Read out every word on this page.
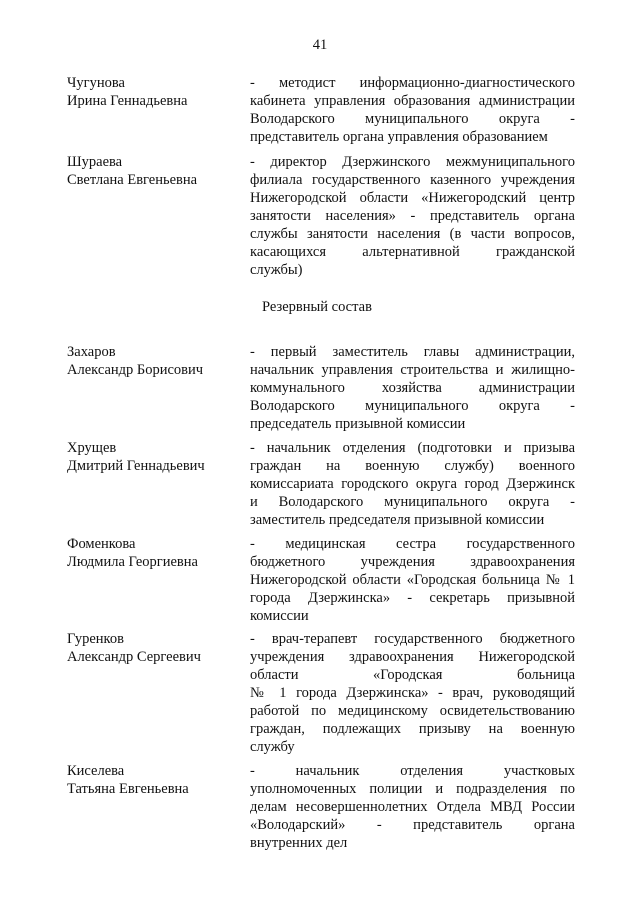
41
Чугунова
Ирина Геннадьевна
- методист информационно-диагностического
кабинета управления образования администрации
Володарского муниципального округа -
представитель органа управления образованием
Шураева
Светлана Евгеньевна
- директор Дзержинского межмуниципального
филиала государственного казенного учреждения
Нижегородской области «Нижегородский центр
занятости населения» - представитель органа
службы занятости населения (в части вопросов,
касающихся альтернативной гражданской
службы)
Резервный состав
Захаров
Александр Борисович
- первый заместитель главы администрации,
начальник управления строительства и жилищно-
коммунального хозяйства администрации
Володарского муниципального округа -
председатель призывной комиссии
Хрущев
Дмитрий Геннадьевич
- начальник отделения (подготовки и призыва
граждан на военную службу) военного
комиссариата городского округа город Дзержинск
и Володарского муниципального округа -
заместитель председателя призывной комиссии
Фоменкова
Людмила Георгиевна
- медицинская сестра государственного
бюджетного учреждения здравоохранения
Нижегородской области «Городская больница № 1
города Дзержинска» - секретарь призывной
комиссии
Гуренков
Александр Сергеевич
- врач-терапевт государственного бюджетного
учреждения здравоохранения Нижегородской
области «Городская больница
№ 1 города Дзержинска» - врач, руководящий
работой по медицинскому освидетельствованию
граждан, подлежащих призыву на военную
службу
Киселева
Татьяна Евгеньевна
- начальник отделения участковых
уполномоченных полиции и подразделения по
делам несовершеннолетних Отдела МВД России
«Володарский» - представитель органа
внутренних дел
